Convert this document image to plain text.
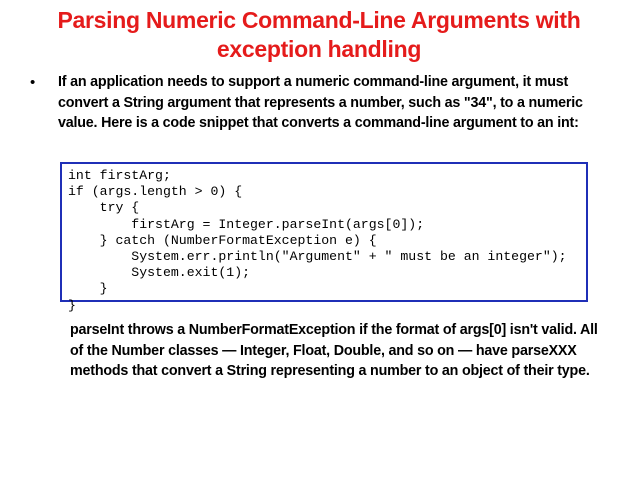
Parsing Numeric Command-Line Arguments with exception handling
•	If an application needs to support a numeric command-line argument, it must convert a String argument that represents a number, such as "34", to a numeric value. Here is a code snippet that converts a command-line argument to an int:
int firstArg;
if (args.length > 0) {
try {
firstArg = Integer.parseInt(args[0]);
} catch (NumberFormatException e) {
System.err.println("Argument" + " must be an integer");
System.exit(1);
}
}
parseInt throws a NumberFormatException if the format of args[0] isn't valid. All of the Number classes — Integer, Float, Double, and so on — have parseXXX methods that convert a String representing a number to an object of their type.
